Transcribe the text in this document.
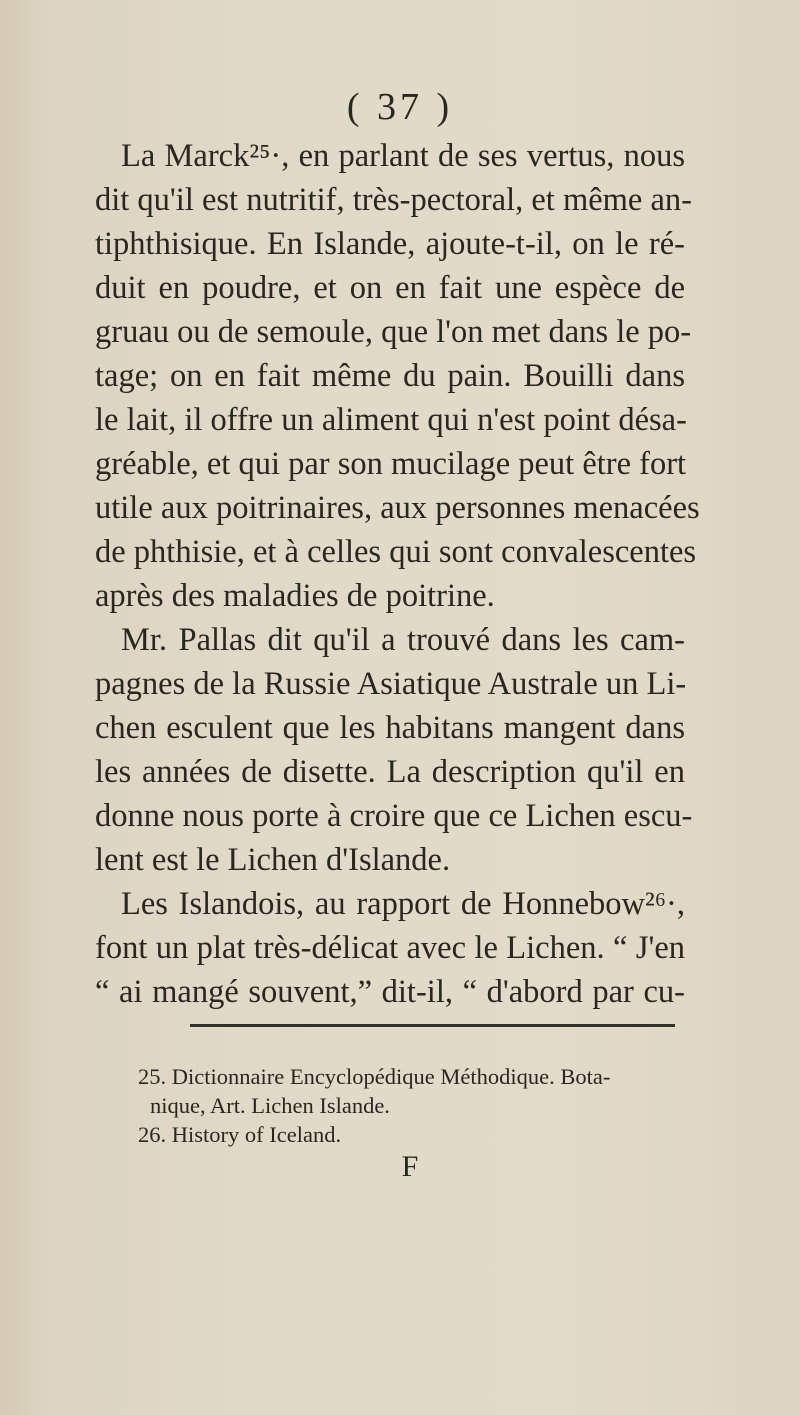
( 37 )
La Marck²⁵·, en parlant de ses vertus, nous
dit qu'il est nutritif, très-pectoral, et même an-
tiphthisique. En Islande, ajoute-t-il, on le ré-
duit en poudre, et on en fait une espèce de
gruau ou de semoule, que l'on met dans le po-
tage; on en fait même du pain. Bouilli dans
le lait, il offre un aliment qui n'est point désa-
gréable, et qui par son mucilage peut être fort
utile aux poitrinaires, aux personnes menacées
de phthisie, et à celles qui sont convalescentes
après des maladies de poitrine.
Mr. Pallas dit qu'il a trouvé dans les cam-
pagnes de la Russie Asiatique Australe un Li-
chen esculent que les habitans mangent dans
les années de disette. La description qu'il en
donne nous porte à croire que ce Lichen escu-
lent est le Lichen d'Islande.
Les Islandois, au rapport de Honnebow²⁶·,
font un plat très-délicat avec le Lichen. “ J'en
“ ai mangé souvent,” dit-il, “ d'abord par cu-
25. Dictionnaire Encyclopédique Méthodique. Bota-
nique, Art. Lichen Islande.
26. History of Iceland.
F
